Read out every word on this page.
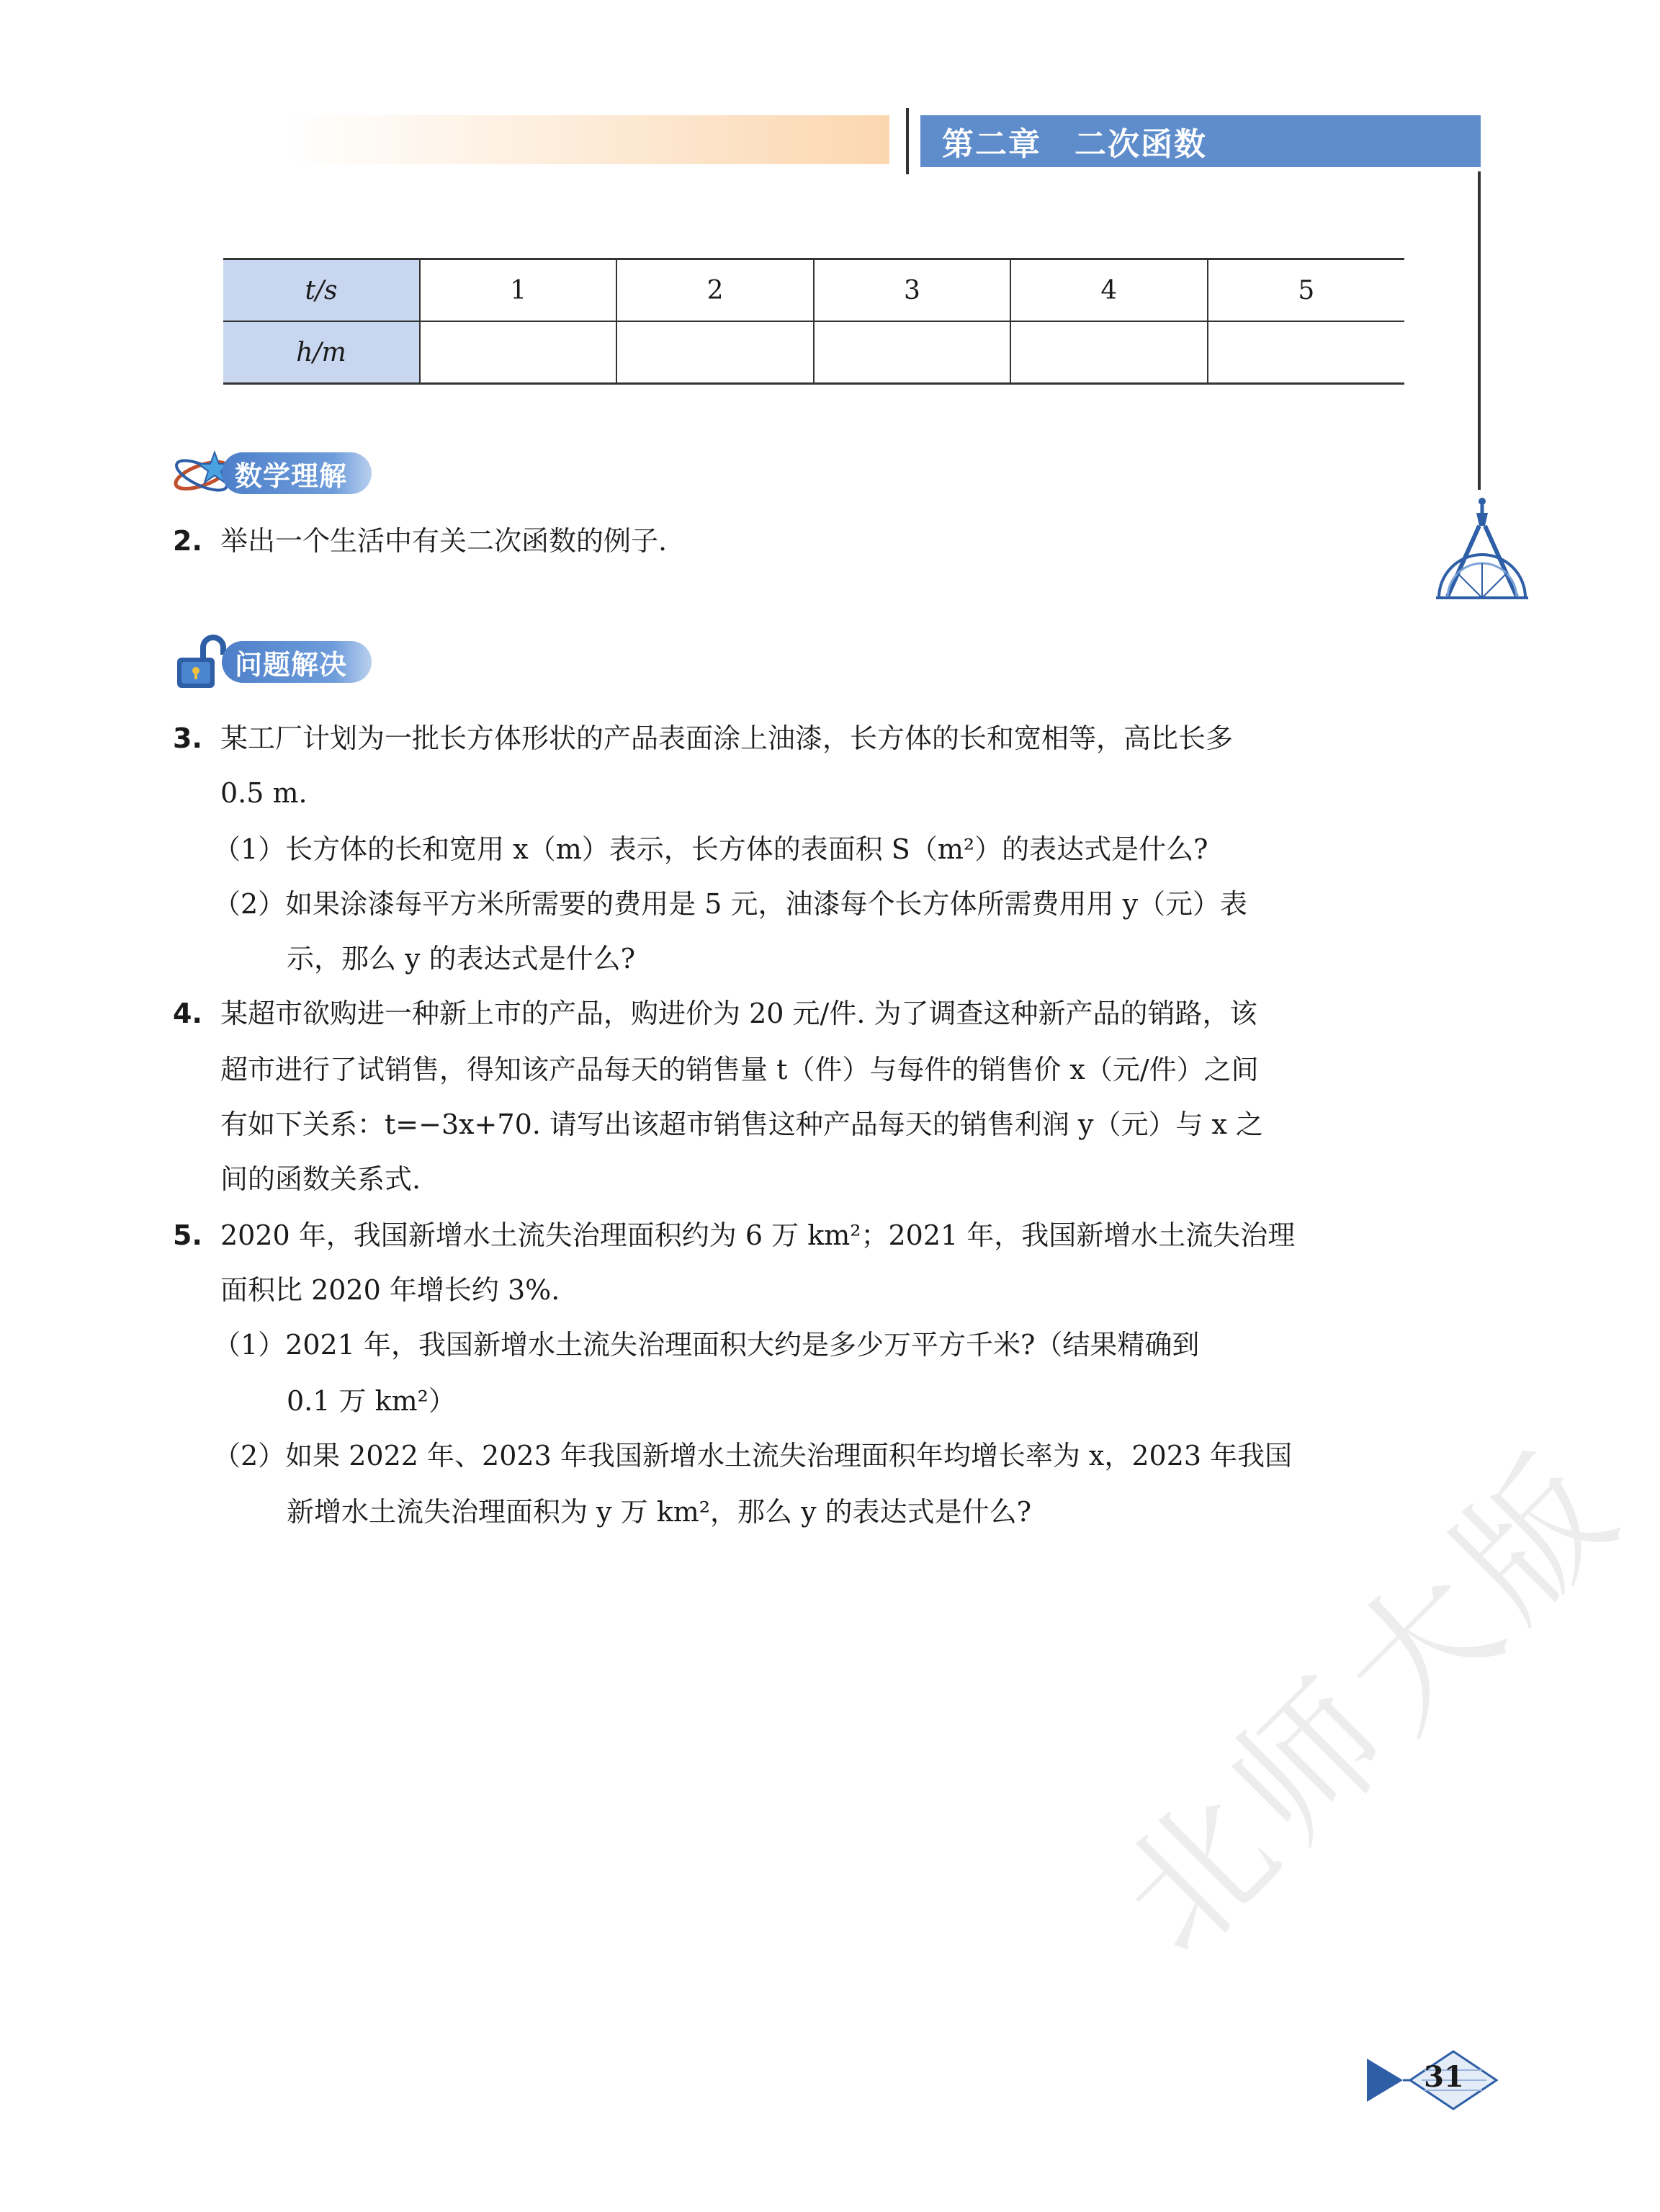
第二章　二次函数
t/s	1	2	3	4	5
h/m					
数学理解
2. 举出一个生活中有关二次函数的例子.
问题解决
3. 某工厂计划为一批长方体形状的产品表面涂上油漆，长方体的长和宽相等，高比长多
0.5 m.
（1）长方体的长和宽用 x（m）表示，长方体的表面积 S（m²）的表达式是什么?
（2）如果涂漆每平方米所需要的费用是 5 元，油漆每个长方体所需费用用 y（元）表
示，那么 y 的表达式是什么?
4. 某超市欲购进一种新上市的产品，购进价为 20 元/件. 为了调查这种新产品的销路，该
超市进行了试销售，得知该产品每天的销售量 t（件）与每件的销售价 x（元/件）之间
有如下关系：t=−3x+70. 请写出该超市销售这种产品每天的销售利润 y（元）与 x 之
间的函数关系式.
5. 2020 年，我国新增水土流失治理面积约为 6 万 km²；2021 年，我国新增水土流失治理
面积比 2020 年增长约 3%.
（1）2021 年，我国新增水土流失治理面积大约是多少万平方千米?（结果精确到
0.1 万 km²）
（2）如果 2022 年、2023 年我国新增水土流失治理面积年均增长率为 x，2023 年我国
新增水土流失治理面积为 y 万 km²，那么 y 的表达式是什么? 北师大版
31
